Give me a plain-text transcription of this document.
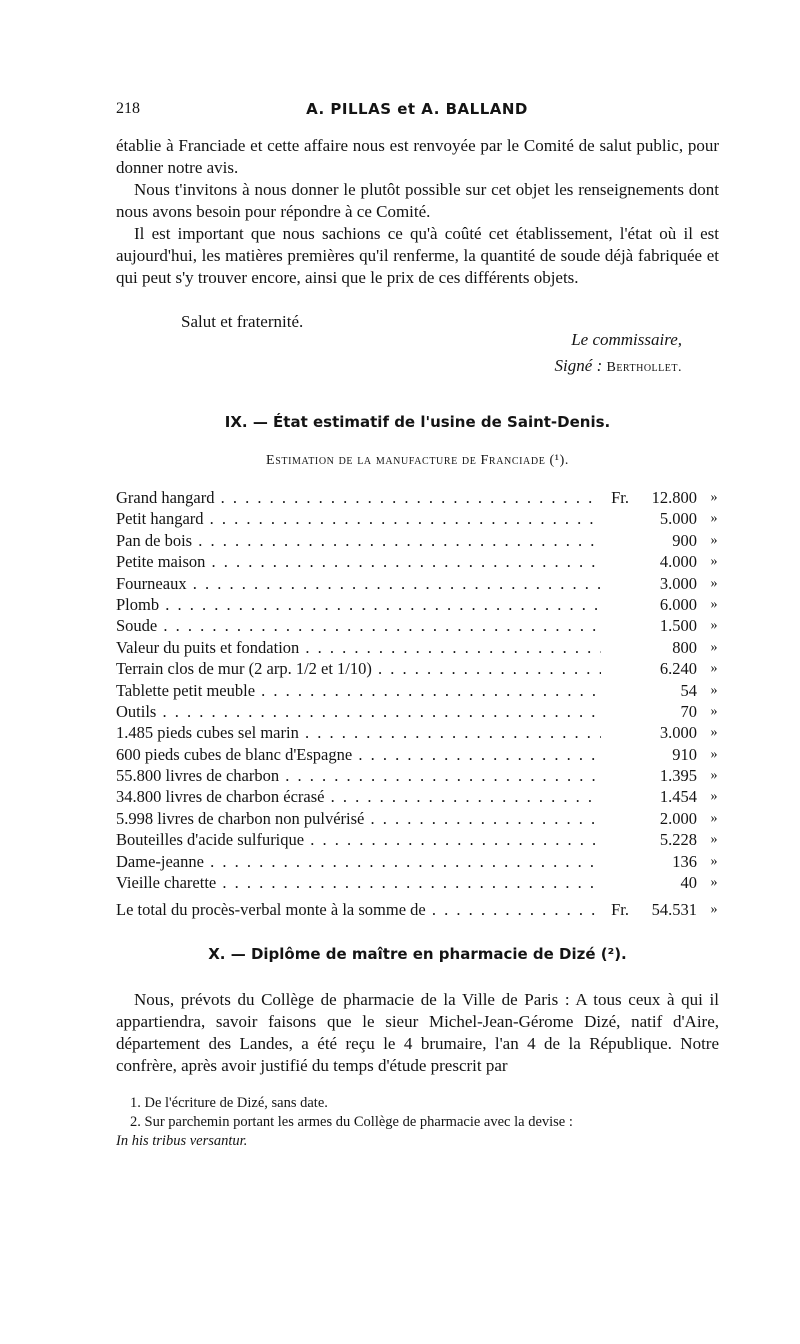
218	A. PILLAS et A. BALLAND
établie à Franciade et cette affaire nous est renvoyée par le Comité de salut public, pour donner notre avis.
Nous t'invitons à nous donner le plutôt possible sur cet objet les renseignements dont nous avons besoin pour répondre à ce Comité.
Il est important que nous sachions ce qu'à coûté cet établissement, l'état où il est aujourd'hui, les matières premières qu'il renferme, la quantité de soude déjà fabriquée et qui peut s'y trouver encore, ainsi que le prix de ces différents objets.
Salut et fraternité.
Le commissaire,
Signé : Berthollet.
IX. — État estimatif de l'usine de Saint-Denis.
Estimation de la manufacture de Franciade (¹).
Grand hangard . . .	Fr.	12.800 »
Petit hangard . . .	5.000 »
Pan de bois . . .	900 »
Petite maison . . .	4.000 »
Fourneaux . . .	3.000 »
Plomb . . .	6.000 »
Soude . . .	1.500 »
Valeur du puits et fondation . . .	800 »
Terrain clos de mur (2 arp. 1/2 et 1/10) . . .	6.240 »
Tablette petit meuble . . .	54 »
Outils . . .	70 »
1.485 pieds cubes sel marin . . .	3.000 »
600 pieds cubes de blanc d'Espagne . . .	910 »
55.800 livres de charbon . . .	1.395 »
34.800 livres de charbon écrasé . . .	1.454 »
5.998 livres de charbon non pulvérisé . . .	2.000 »
Bouteilles d'acide sulfurique . . .	5.228 »
Dame-jeanne . . .	136 »
Vieille charette . . .	40 »
Le total du procès-verbal monte à la somme de . . .	Fr.	54.531 »
X. — Diplôme de maître en pharmacie de Dizé (²).
Nous, prévots du Collège de pharmacie de la Ville de Paris : A tous ceux à qui il appartiendra, savoir faisons que le sieur Michel-Jean-Gérome Dizé, natif d'Aire, département des Landes, a été reçu le 4 brumaire, l'an 4 de la République. Notre confrère, après avoir justifié du temps d'étude prescrit par
1. De l'écriture de Dizé, sans date.
2. Sur parchemin portant les armes du Collège de pharmacie avec la devise :
In his tribus versantur.
